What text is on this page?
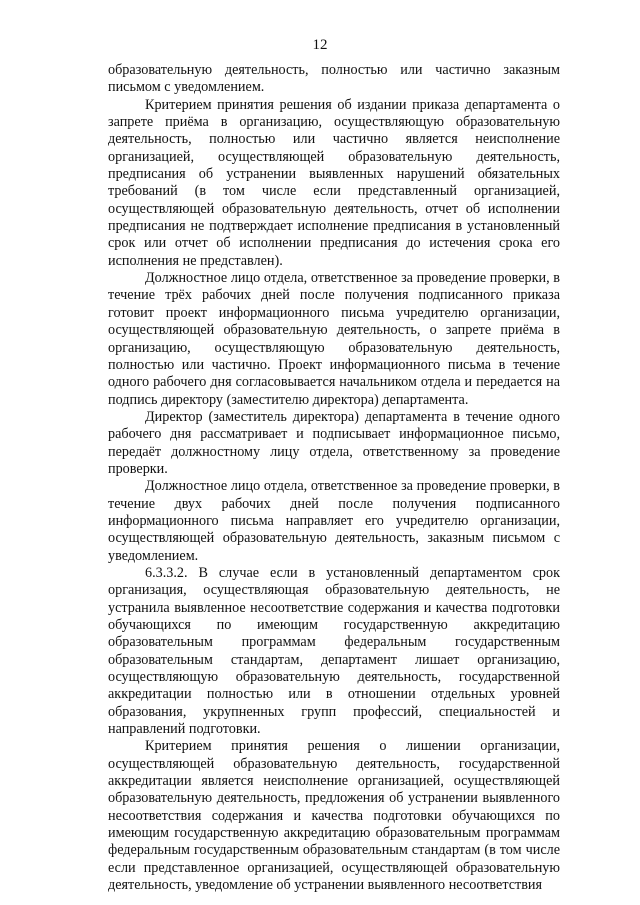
12

образовательную деятельность, полностью или частично заказным письмом с уведомлением.

Критерием принятия решения об издании приказа департамента о запрете приёма в организацию, осуществляющую образовательную деятельность, полностью или частично является неисполнение организацией, осуществляющей образовательную деятельность, предписания об устранении выявленных нарушений обязательных требований (в том числе если представленный организацией, осуществляющей образовательную деятельность, отчет об исполнении предписания не подтверждает исполнение предписания в установленный срок или отчет об исполнении предписания до истечения срока его исполнения не представлен).

Должностное лицо отдела, ответственное за проведение проверки, в течение трёх рабочих дней после получения подписанного приказа готовит проект информационного письма учредителю организации, осуществляющей образовательную деятельность, о запрете приёма в организацию, осуществляющую образовательную деятельность, полностью или частично. Проект информационного письма в течение одного рабочего дня согласовывается начальником отдела и передается на подпись директору (заместителю директора) департамента.

Директор (заместитель директора) департамента в течение одного рабочего дня рассматривает и подписывает информационное письмо, передаёт должностному лицу отдела, ответственному за проведение проверки.

Должностное лицо отдела, ответственное за проведение проверки, в течение двух рабочих дней после получения подписанного информационного письма направляет его учредителю организации, осуществляющей образовательную деятельность, заказным письмом с уведомлением.

6.3.3.2. В случае если в установленный департаментом срок организация, осуществляющая образовательную деятельность, не устранила выявленное несоответствие содержания и качества подготовки обучающихся по имеющим государственную аккредитацию образовательным программам федеральным государственным образовательным стандартам, департамент лишает организацию, осуществляющую образовательную деятельность, государственной аккредитации полностью или в отношении отдельных уровней образования, укрупненных групп профессий, специальностей и направлений подготовки.

Критерием принятия решения о лишении организации, осуществляющей образовательную деятельность, государственной аккредитации является неисполнение организацией, осуществляющей образовательную деятельность, предложения об устранении выявленного несоответствия содержания и качества подготовки обучающихся по имеющим государственную аккредитацию образовательным программам федеральным государственным образовательным стандартам (в том числе если представленное организацией, осуществляющей образовательную деятельность, уведомление об устранении выявленного несоответствия
